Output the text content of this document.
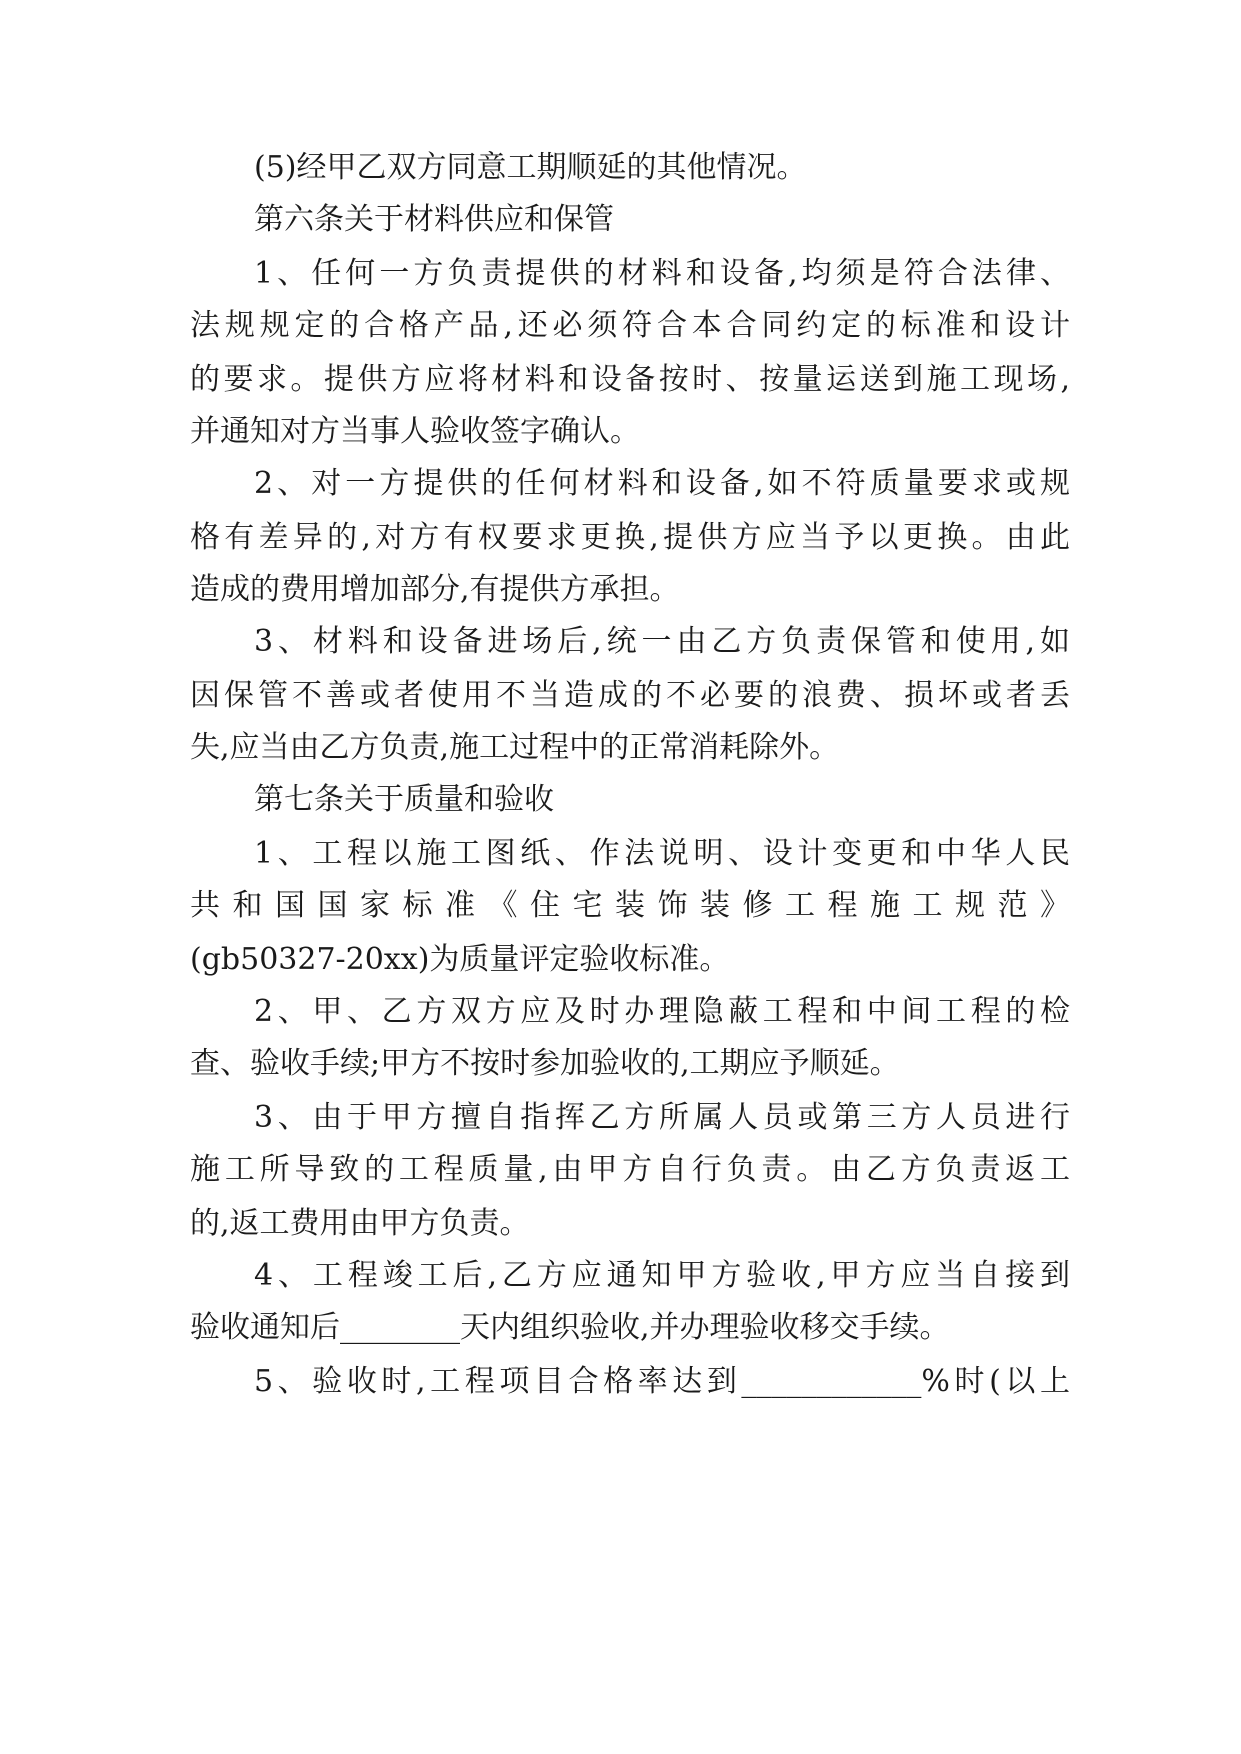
(5)经甲乙双方同意工期顺延的其他情况。
第六条关于材料供应和保管
1、任何一方负责提供的材料和设备,均须是符合法律、
法规规定的合格产品,还必须符合本合同约定的标准和设计
的要求。提供方应将材料和设备按时、按量运送到施工现场,
并通知对方当事人验收签字确认。
2、对一方提供的任何材料和设备,如不符质量要求或规
格有差异的,对方有权要求更换,提供方应当予以更换。由此
造成的费用增加部分,有提供方承担。
3、材料和设备进场后,统一由乙方负责保管和使用,如
因保管不善或者使用不当造成的不必要的浪费、损坏或者丢
失,应当由乙方负责,施工过程中的正常消耗除外。
第七条关于质量和验收
1、工程以施工图纸、作法说明、设计变更和中华人民
共和国国家标准《住宅装饰装修工程施工规范》
(gb50327-20xx)为质量评定验收标准。
2、甲、乙方双方应及时办理隐蔽工程和中间工程的检
查、验收手续;甲方不按时参加验收的,工期应予顺延。
3、由于甲方擅自指挥乙方所属人员或第三方人员进行
施工所导致的工程质量,由甲方自行负责。由乙方负责返工
的,返工费用由甲方负责。
4、工程竣工后,乙方应通知甲方验收,甲方应当自接到
验收通知后________天内组织验收,并办理验收移交手续。
5、验收时,工程项目合格率达到____________%时(以上
